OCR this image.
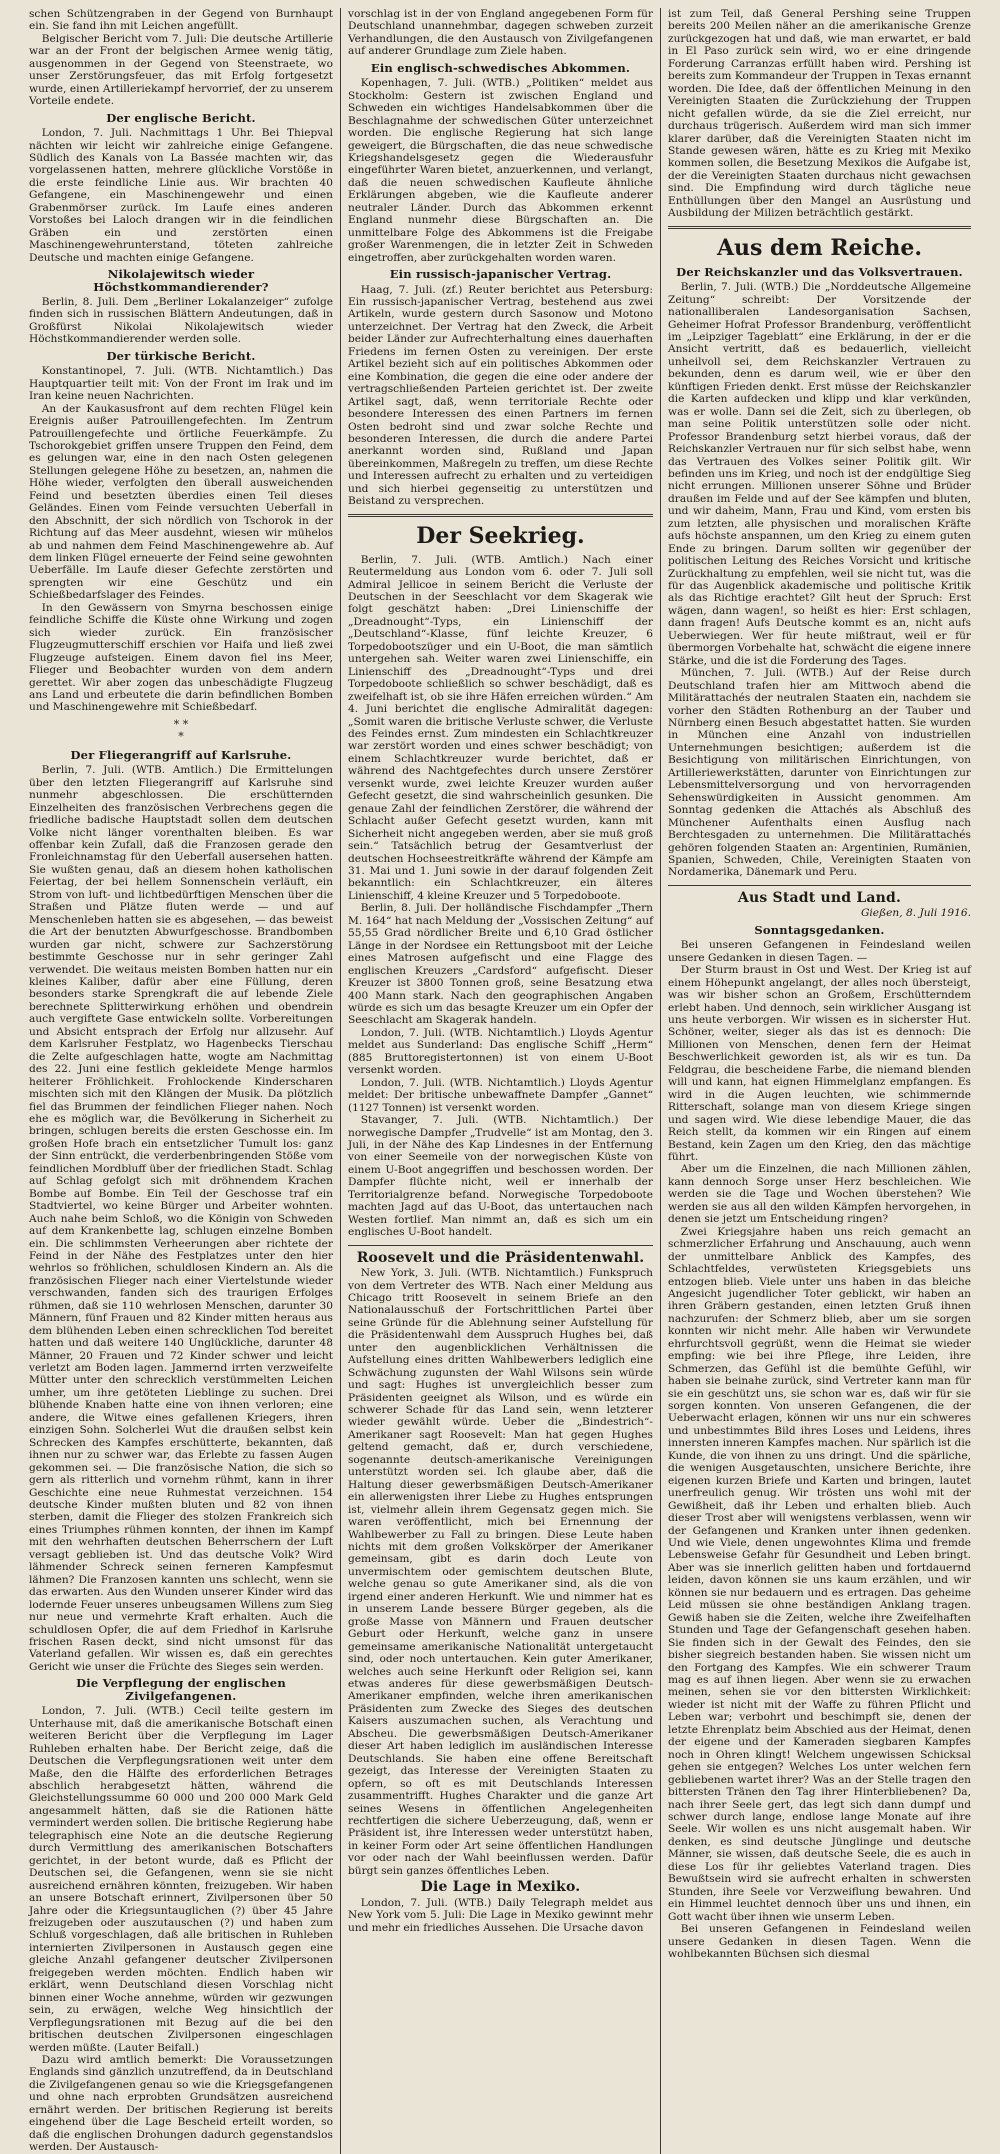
schen Schützengraben in der Gegend von Burnhaupt ein. Sie fand ihn mit Leichen angefüllt.

Belgischer Bericht vom 7. Juli: Die deutsche Artillerie war an der Front der belgischen Armee wenig tätig, ausgenommen in der Gegend von Steenstraete, wo unser Zerstörungsfeuer, das mit Erfolg fortgesetzt wurde, einen Artilleriekampf hervorrief, der zu unserem Vorteile endete.

Der englische Bericht.

London, 7. Juli. Nachmittags 1 Uhr. Bei Thiepval nächten wir leicht wir zahlreiche einige Gefangene. Südlich des Kanals von La Bassée machten wir, das vorgelassenen hatten, mehrere glückliche Vorstöße in die erste feindliche Linie aus. Wir brachten 40 Gefangene, ein Maschinengewehr und einen Grabenmörser zurück. Im Laufe eines anderen Vorstoßes bei Laloch drangen wir in die feindlichen Gräben ein und zerstörten einen Maschinengewehrunterstand, töteten zahlreiche Deutsche und machten einige Gefangene.

Nikolajewitsch wieder Höchstkommandierender?

Berlin, 8. Juli. Dem „Berliner Lokalanzeiger“ zufolge finden sich in russischen Blättern Andeutungen, daß in Großfürst Nikolai Nikolajewitsch wieder Höchstkommandierender werden solle.

Der türkische Bericht.

Konstantinopel, 7. Juli. (WTB. Nichtamtlich.) Das Hauptquartier teilt mit: Von der Front im Irak und im Iran keine neuen Nachrichten.

An der Kaukasusfront auf dem rechten Flügel kein Ereignis außer Patrouillengefechten. Im Zentrum Patrouillengefechte und örtliche Feuerkämpfe. Zu Tschorokgebiet griffen unsere Truppen den Feind, dem es gelungen war, eine in den nach Osten gelegenen Stellungen gelegene Höhe zu besetzen, an, nahmen die Höhe wieder, verfolgten den überall ausweichenden Feind und besetzten überdies einen Teil dieses Geländes. Einen vom Feinde versuchten Ueberfall in den Abschnitt, der sich nördlich von Tschorok in der Richtung auf das Meer ausdehnt, wiesen wir mühelos ab und nahmen dem Feind Maschinengewehre ab. Auf dem linken Flügel erneuerte der Feind seine gewohnten Ueberfälle. Im Laufe dieser Gefechte zerstörten und sprengten wir eine Geschütz und ein Schießbedarfslager des Feindes.

In den Gewässern von Smyrna beschossen einige feindliche Schiffe die Küste ohne Wirkung und zogen sich wieder zurück. Ein französischer Flugzeugmutterschiff erschien vor Haifa und ließ zwei Flugzeuge aufsteigen. Einem davon fiel ins Meer, Flieger und Beobachter wurden von dem andern gerettet. Wir aber zogen das unbeschädigte Flugzeug ans Land und erbeutete die darin befindlichen Bomben und Maschinengewehre mit Schießbedarf.

* *
*
Der Fliegerangriff auf Karlsruhe.

Berlin, 7. Juli. (WTB. Amtlich.) Die Ermittelungen über den letzten Fliegerangriff auf Karlsruhe sind nunmehr abgeschlossen. Die erschütternden Einzelheiten des französischen Verbrechens gegen die friedliche badische Hauptstadt sollen dem deutschen Volke nicht länger vorenthalten bleiben. Es war offenbar kein Zufall, daß die Franzosen gerade den Fronleichnamstag für den Ueberfall ausersehen hatten. Sie wußten genau, daß an diesem hohen katholischen Feiertag, der bei hellem Sonnenschein verläuft, ein Strom von luft- und lichtbedürftigen Menschen über die Straßen und Plätze fluten werde — und auf Menschenleben hatten sie es abgesehen, — das beweist die Art der benutzten Abwurfgeschosse. Brandbomben wurden gar nicht, schwere zur Sachzerstörung bestimmte Geschosse nur in sehr geringer Zahl verwendet. Die weitaus meisten Bomben hatten nur ein kleines Kaliber, dafür aber eine Füllung, deren besonders starke Sprengkraft die auf lebende Ziele berechnete Splitterwirkung erhöhen und obendrein auch vergiftete Gase entwickeln sollte. Vorbereitungen und Absicht entsprach der Erfolg nur allzusehr. Auf dem Karlsruher Festplatz, wo Hagenbecks Tierschau die Zelte aufgeschlagen hatte, wogte am Nachmittag des 22. Juni eine festlich gekleidete Menge harmlos heiterer Fröhlichkeit. Frohlockende Kinderscharen mischten sich mit den Klängen der Musik. Da plötzlich fiel das Brummen der feindlichen Flieger nahen. Noch ehe es möglich war, die Bevölkerung in Sicherheit zu bringen, schlugen bereits die ersten Geschosse ein. Im großen Hofe brach ein entsetzlicher Tumult los: ganz der Sinn entrückt, die verderbenbringenden Stöße vom feindlichen Mordbluff über der friedlichen Stadt. Schlag auf Schlag gefolgt sich mit dröhnendem Krachen Bombe auf Bombe. Ein Teil der Geschosse traf ein Stadtviertel, wo keine Bürger und Arbeiter wohnten. Auch nahe beim Schloß, wo die Königin von Schweden auf dem Krankenbette lag, schlugen einzelne Bomben ein. Die schlimmsten Verheerungen aber richtete der Feind in der Nähe des Festplatzes unter den hier wehrlos so fröhlichen, schuldlosen Kindern an. Als die französischen Flieger nach einer Viertelstunde wieder verschwanden, fanden sich des traurigen Erfolges rühmen, daß sie 110 wehrlosen Menschen, darunter 30 Männern, fünf Frauen und 82 Kinder mitten heraus aus dem blühenden Leben einen schrecklichen Tod bereitet hatten und daß weitere 140 Unglückliche, darunter 48 Männer, 20 Frauen und 72 Kinder schwer und leicht verletzt am Boden lagen. Jammernd irrten verzweifelte Mütter unter den schrecklich verstümmelten Leichen umher, um ihre getöteten Lieblinge zu suchen. Drei blühende Knaben hatte eine von ihnen verloren; eine andere, die Witwe eines gefallenen Kriegers, ihren einzigen Sohn. Solcherlei Wut die draußen selbst kein Schrecken des Kampfes erschütterte, bekannten, daß ihnen nur zu schwer war, das Erlebte zu fassen Augen gekommen sei. — Die französische Nation, die sich so gern als ritterlich und vornehm rühmt, kann in ihrer Geschichte eine neue Ruhmestat verzeichnen. 154 deutsche Kinder mußten bluten und 82 von ihnen sterben, damit die Flieger des stolzen Frankreich sich eines Triumphes rühmen konnten, der ihnen im Kampf mit den wehrhaften deutschen Beherrschern der Luft versagt geblieben ist. Und das deutsche Volk? Wird lähmender Schreck seinen ferneren Kampfesmut lähmen? Die Franzosen kannten uns schlecht, wenn sie das erwarten. Aus den Wunden unserer Kinder wird das lodernde Feuer unseres unbeugsamen Willens zum Sieg nur neue und vermehrte Kraft erhalten. Auch die schuldlosen Opfer, die auf dem Friedhof in Karlsruhe frischen Rasen deckt, sind nicht umsonst für das Vaterland gefallen. Wir wissen es, daß ein gerechtes Gericht wie unser die Früchte des Sieges sein werden.

Die Verpflegung der englischen Zivilgefangenen.

London, 7. Juli. (WTB.) Cecil teilte gestern im Unterhause mit, daß die amerikanische Botschaft einen weiteren Bericht über die Verpflegung im Lager Ruhleben erhalten habe. Der Bericht zeige, daß die Deutschen die Verpflegungsrationen weit unter dem Maße, den die Hälfte des erforderlichen Betrages abschlich herabgesetzt hätten, während die Gleichstellungssumme 60 000 und 200 000 Mark Geld angesammelt hätten, daß sie die Rationen hätte vermindert werden sollen. Die britische Regierung habe telegraphisch eine Note an die deutsche Regierung durch Vermittlung des amerikanischen Botschafters gerichtet, in der betont wurde, daß es Pflicht der Deutschen sei, die Gefangenen, wenn sie sie nicht ausreichend ernähren könnten, freizugeben. Wir haben an unsere Botschaft erinnert, Zivilpersonen über 50 Jahre oder die Kriegsuntauglichen (?) über 45 Jahre freizugeben oder auszutauschen (?) und haben zum Schluß vorgeschlagen, daß alle britischen in Ruhleben internierten Zivilpersonen in Austausch gegen eine gleiche Anzahl gefangener deutscher Zivilpersonen freigegeben werden möchten. Endlich haben wir erklärt, wenn Deutschland diesen Vorschlag nicht binnen einer Woche annehme, würden wir gezwungen sein, zu erwägen, welche Weg hinsichtlich der Verpflegungsrationen mit Bezug auf die bei den britischen deutschen Zivilpersonen eingeschlagen werden müßte. (Lauter Beifall.)

Dazu wird amtlich bemerkt: Die Voraussetzungen Englands sind gänzlich unzutreffend, da in Deutschland die Zivilgefangenen genau so wie die Kriegsgefangenen und ohne nach erprobten Grundsätzen ausreichend ernährt werden. Der britischen Regierung ist bereits eingehend über die Lage Bescheid erteilt worden, so daß die englischen Drohungen dadurch gegenstandslos werden. Der Austausch-

vorschlag ist in der von England angegebenen Form für Deutschland unannehmbar, dagegen schweben zurzeit Verhandlungen, die den Austausch von Zivilgefangenen auf anderer Grundlage zum Ziele haben.

Ein englisch-schwedisches Abkommen.

Kopenhagen, 7. Juli. (WTB.) „Politiken“ meldet aus Stockholm: Gestern ist zwischen England und Schweden ein wichtiges Handelsabkommen über die Beschlagnahme der schwedischen Güter unterzeichnet worden. Die englische Regierung hat sich lange geweigert, die Bürgschaften, die das neue schwedische Kriegshandelsgesetz gegen die Wiederausfuhr eingeführter Waren bietet, anzuerkennen, und verlangt, daß die neuen schwedischen Kaufleute ähnliche Erklärungen abgeben, wie die Kaufleute anderer neutraler Länder. Durch das Abkommen erkennt England nunmehr diese Bürgschaften an. Die unmittelbare Folge des Abkommens ist die Freigabe großer Warenmengen, die in letzter Zeit in Schweden eingetroffen, aber zurückgehalten worden waren.

Ein russisch-japanischer Vertrag.

Haag, 7. Juli. (zf.) Reuter berichtet aus Petersburg: Ein russisch-japanischer Vertrag, bestehend aus zwei Artikeln, wurde gestern durch Sasonow und Motono unterzeichnet. Der Vertrag hat den Zweck, die Arbeit beider Länder zur Aufrechterhaltung eines dauerhaften Friedens im fernen Osten zu vereinigen. Der erste Artikel bezieht sich auf ein politisches Abkommen oder eine Kombination, die gegen die eine oder andere der vertragschließenden Parteien gerichtet ist. Der zweite Artikel sagt, daß, wenn territoriale Rechte oder besondere Interessen des einen Partners im fernen Osten bedroht sind und zwar solche Rechte und besonderen Interessen, die durch die andere Partei anerkannt worden sind, Rußland und Japan übereinkommen, Maßregeln zu treffen, um diese Rechte und Interessen aufrecht zu erhalten und zu verteidigen und sich hierbei gegenseitig zu unterstützen und Beistand zu versprechen.

Der Seekrieg.

Berlin, 7. Juli. (WTB. Amtlich.) Nach einer Reutermeldung aus London vom 6. oder 7. Juli soll Admiral Jellicoe in seinem Bericht die Verluste der Deutschen in der Seeschlacht vor dem Skagerak wie folgt geschätzt haben: „Drei Linienschiffe der „Dreadnought“-Typs, ein Linienschiff der „Deutschland“-Klasse, fünf leichte Kreuzer, 6 Torpedobootszüger und ein U-Boot, die man sämtlich untergehen sah. Weiter waren zwei Linienschiffe, ein Linienschiff des „Dreadnought“-Typs und drei Torpedoboote schließlich so schwer beschädigt, daß es zweifelhaft ist, ob sie ihre Häfen erreichen würden.“ Am 4. Juni berichtet die englische Admiralität dagegen: „Somit waren die britische Verluste schwer, die Verluste des Feindes ernst. Zum mindesten ein Schlachtkreuzer war zerstört worden und eines schwer beschädigt; von einem Schlachtkreuzer wurde berichtet, daß er während des Nachtgefechtes durch unsere Zerstörer versenkt wurde, zwei leichte Kreuzer wurden außer Gefecht gesetzt, die sind wahrscheinlich gesunken. Die genaue Zahl der feindlichen Zerstörer, die während der Schlacht außer Gefecht gesetzt wurden, kann mit Sicherheit nicht angegeben werden, aber sie muß groß sein.“ Tatsächlich betrug der Gesamtverlust der deutschen Hochseestreitkräfte während der Kämpfe am 31. Mai und 1. Juni sowie in der darauf folgenden Zeit bekanntlich: ein Schlachtkreuzer, ein älteres Linienschiff, 4 kleine Kreuzer und 5 Torpedoboote.

Berlin, 8. Juli. Der holländische Fischdampfer „Thern M. 164“ hat nach Meldung der „Vossischen Zeitung“ auf 55,55 Grad nördlicher Breite und 6,10 Grad östlicher Länge in der Nordsee ein Rettungsboot mit der Leiche eines Matrosen aufgefischt und eine Flagge des englischen Kreuzers „Cardsford“ aufgefischt. Dieser Kreuzer ist 3800 Tonnen groß, seine Besatzung etwa 400 Mann stark. Nach den geographischen Angaben würde es sich um das besagte Kreuzer um ein Opfer der Seeschlacht am Skagerak handeln.

London, 7. Juli. (WTB. Nichtamtlich.) Lloyds Agentur meldet aus Sunderland: Das englische Schiff „Herm“ (885 Bruttoregistertonnen) ist von einem U-Boot versenkt worden.

London, 7. Juli. (WTB. Nichtamtlich.) Lloyds Agentur meldet: Der britische unbewaffnete Dampfer „Gannet“ (1127 Tonnen) ist versenkt worden.

Stavanger, 7. Juli. (WTB. Nichtamtlich.) Der norwegische Dampfer „Trudvelle“ ist am Montag, den 3. Juli, in der Nähe des Kap Lindesnes in der Entfernung von einer Seemeile von der norwegischen Küste von einem U-Boot angegriffen und beschossen worden. Der Dampfer flüchte nicht, weil er innerhalb der Territorialgrenze befand. Norwegische Torpedoboote machten Jagd auf das U-Boot, das untertauchen nach Westen fortlief. Man nimmt an, daß es sich um ein englisches U-Boot handelt.

Roosevelt und die Präsidentenwahl.

New York, 3. Juli. (WTB. Nichtamtlich.) Funkspruch von dem Vertreter des WTB. Nach einer Meldung aus Chicago tritt Roosevelt in seinem Briefe an den Nationalausschuß der Fortschrittlichen Partei über seine Gründe für die Ablehnung seiner Aufstellung für die Präsidentenwahl dem Ausspruch Hughes bei, daß unter den augenblicklichen Verhältnissen die Aufstellung eines dritten Wahlbewerbers lediglich eine Schwächung zugunsten der Wahl Wilsons sein würde und sagt: Hughes ist unvergleichlich besser zum Präsidenten geeignet als Wilson, und es würde ein schwerer Schade für das Land sein, wenn letzterer wieder gewählt würde. Ueber die „Bindestrich“-Amerikaner sagt Roosevelt: Man hat gegen Hughes geltend gemacht, daß er, durch verschiedene, sogenannte deutsch-amerikanische Vereinigungen unterstützt worden sei. Ich glaube aber, daß die Haltung dieser gewerbsmäßigen Deutsch-Amerikaner ein allerwenigsten ihrer Liebe zu Hughes entsprungen ist, vielmehr allein ihrem Gegensatz gegen mich. Sie waren veröffentlicht, mich bei Ernennung der Wahlbewerber zu Fall zu bringen. Diese Leute haben nichts mit dem großen Volkskörper der Amerikaner gemeinsam, gibt es darin doch Leute von unvermischtem oder gemischtem deutschen Blute, welche genau so gute Amerikaner sind, als die von irgend einer anderen Herkunft. Wie und nimmer hat es in unserem Lande bessere Bürger gegeben, als die große Masse von Männern und Frauen deutscher Geburt oder Herkunft, welche ganz in unsere gemeinsame amerikanische Nationalität untergetaucht sind, oder noch untertauchen. Kein guter Amerikaner, welches auch seine Herkunft oder Religion sei, kann etwas anderes für diese gewerbsmäßigen Deutsch-Amerikaner empfinden, welche ihren amerikanischen Präsidenten zum Zwecke des Sieges des deutschen Kaisers auszumachen suchen, als Verachtung und Abscheu. Die gewerbsmäßigen Deutsch-Amerikaner dieser Art haben lediglich im ausländischen Interesse Deutschlands. Sie haben eine offene Bereitschaft gezeigt, das Interesse der Vereinigten Staaten zu opfern, so oft es mit Deutschlands Interessen zusammentrifft. Hughes Charakter und die ganze Art seines Wesens in öffentlichen Angelegenheiten rechtfertigen die sichere Ueberzeugung, daß, wenn er Präsident ist, ihre Interessen weder unterstützt haben, in keiner Form oder Art seine öffentlichen Handlungen vor oder nach der Wahl beeinflussen werden. Dafür bürgt sein ganzes öffentliches Leben.

Die Lage in Mexiko.

London, 7. Juli. (WTB.) Daily Telegraph meldet aus New York vom 5. Juli: Die Lage in Mexiko gewinnt mehr und mehr ein friedliches Aussehen. Die Ursache davon

ist zum Teil, daß General Pershing seine Truppen bereits 200 Meilen näher an die amerikanische Grenze zurückgezogen hat und daß, wie man erwartet, er bald in El Paso zurück sein wird, wo er eine dringende Forderung Carranzas erfüllt haben wird. Pershing ist bereits zum Kommandeur der Truppen in Texas ernannt worden. Die Idee, daß der öffentlichen Meinung in den Vereinigten Staaten die Zurückziehung der Truppen nicht gefallen würde, da sie die Ziel erreicht, nur durchaus trügerisch. Außerdem wird man sich immer klarer darüber, daß die Vereinigten Staaten nicht im Stande gewesen wären, hätte es zu Krieg mit Mexiko kommen sollen, die Besetzung Mexikos die Aufgabe ist, der die Vereinigten Staaten durchaus nicht gewachsen sind. Die Empfindung wird durch tägliche neue Enthüllungen über den Mangel an Ausrüstung und Ausbildung der Milizen beträchtlich gestärkt.

Aus dem Reiche.
Der Reichskanzler und das Volksvertrauen.

Berlin, 7. Juli. (WTB.) Die „Norddeutsche Allgemeine Zeitung“ schreibt: Der Vorsitzende der nationalliberalen Landesorganisation Sachsen, Geheimer Hofrat Professor Brandenburg, veröffentlicht im „Leipziger Tageblatt“ eine Erklärung, in der er die Ansicht vertritt, daß es bedauerlich, vielleicht unheilvoll sei, dem Reichskanzler Vertrauen zu bekunden, denn es darum weil, wie er über den künftigen Frieden denkt. Erst müsse der Reichskanzler die Karten aufdecken und klipp und klar verkünden, was er wolle. Dann sei die Zeit, sich zu überlegen, ob man seine Politik unterstützen solle oder nicht. Professor Brandenburg setzt hierbei voraus, daß der Reichskanzler Vertrauen nur für sich selbst habe, wenn das Vertrauen des Volkes seiner Politik gilt. Wir befinden uns im Krieg, und noch ist der endgültige Sieg nicht errungen. Millionen unserer Söhne und Brüder draußen im Felde und auf der See kämpfen und bluten, und wir daheim, Mann, Frau und Kind, vom ersten bis zum letzten, alle physischen und moralischen Kräfte aufs höchste anspannen, um den Krieg zu einem guten Ende zu bringen. Darum sollten wir gegenüber der politischen Leitung des Reiches Vorsicht und kritische Zurückhaltung zu empfehlen, weil sie nicht tut, was die für das Augenblick akademische und politische Kritik als das Richtige erachtet? Gilt heut der Spruch: Erst wägen, dann wagen!, so heißt es hier: Erst schlagen, dann fragen! Aufs Deutsche kommt es an, nicht aufs Ueberwiegen. Wer für heute mißtraut, weil er für übermorgen Vorbehalte hat, schwächt die eigene innere Stärke, und die ist die Forderung des Tages.

München, 7. Juli. (WTB.) Auf der Reise durch Deutschland trafen hier am Mittwoch abend die Militärattachés der neutralen Staaten ein, nachdem sie vorher den Städten Rothenburg an der Tauber und Nürnberg einen Besuch abgestattet hatten. Sie wurden in München eine Anzahl von industriellen Unternehmungen besichtigen; außerdem ist die Besichtigung von militärischen Einrichtungen, von Artilleriewerkstätten, darunter von Einrichtungen zur Lebensmittelversorgung und von hervorragenden Sehenswürdigkeiten in Aussicht genommen. Am Sonntag gedenken die Attachés als Abschluß des Münchener Aufenthalts einen Ausflug nach Berchtesgaden zu unternehmen. Die Militärattachés gehören folgenden Staaten an: Argentinien, Rumänien, Spanien, Schweden, Chile, Vereinigten Staaten von Nordamerika, Dänemark und Peru.

Aus Stadt und Land.
Gießen, 8. Juli 1916.
Sonntagsgedanken.

Bei unseren Gefangenen in Feindesland weilen unsere Gedanken in diesen Tagen. —

Der Sturm braust in Ost und West. Der Krieg ist auf einem Höhepunkt angelangt, der alles noch übersteigt, was wir bisher schon an Großem, Erschütterndem erlebt haben. Und dennoch, sein wirklicher Ausgang ist uns heute verborgen. Wir wissen es in sicherster Hut. Schöner, weiter, sieger als das ist es dennoch: Die Millionen von Menschen, denen fern der Heimat Beschwerlichkeit geworden ist, als wir es tun. Da Feldgrau, die bescheidene Farbe, die niemand blenden will und kann, hat eignen Himmelglanz empfangen. Es wird in die Augen leuchten, wie schimmernde Ritterschaft, solange man von diesem Kriege singen und sagen wird. Wie diese lebendige Mauer, die das Reich stellt, da kommen wir ein Ringen auf einem Bestand, kein Zagen um den Krieg, den das mächtige führt.

Aber um die Einzelnen, die nach Millionen zählen, kann dennoch Sorge unser Herz beschleichen. Wie werden sie die Tage und Wochen überstehen? Wie werden sie aus all den wilden Kämpfen hervorgehen, in denen sie jetzt um Entscheidung ringen?

Zwei Kriegsjahre haben uns reich gemacht an schmerzlicher Erfahrung und Anschauung, auch wenn der unmittelbare Anblick des Kampfes, des Schlachtfeldes, verwüsteten Kriegsgebiets uns entzogen blieb. Viele unter uns haben in das bleiche Angesicht jugendlicher Toter geblickt, wir haben an ihren Gräbern gestanden, einen letzten Gruß ihnen nachzurufen: der Schmerz blieb, aber um sie sorgen konnten wir nicht mehr. Alle haben wir Verwundete ehrfurchtsvoll gegrüßt, wenn die Heimat sie wieder empfing: wie bei ihre Pflege, ihre Leiden, ihre Schmerzen, das Gefühl ist die bemühte Gefühl, wir haben sie beinahe zurück, sind Vertreter kann man für sie ein geschützt uns, sie schon war es, daß wir für sie sorgen konnten. Von unseren Gefangenen, die der Ueberwacht erlagen, können wir uns nur ein schweres und unbestimmtes Bild ihres Loses und Leidens, ihres innersten inneren Kampfes machen. Nur spärlich ist die Kunde, die von ihnen zu uns dringt. Und die spärliche, die wenigen Ausgetauschten, unsichere Berichte, ihre eigenen kurzen Briefe und Karten und bringen, lautet unerfreulich genug. Wir trösten uns wohl mit der Gewißheit, daß ihr Leben und erhalten blieb. Auch dieser Trost aber will wenigstens verblassen, wenn wir der Gefangenen und Kranken unter ihnen gedenken. Und wie Viele, denen ungewohntes Klima und fremde Lebensweise Gefahr für Gesundheit und Leben bringt. Aber was sie innerlich gelitten haben und fortdauernd leiden, davon können sie uns kaum erzählen, und wir können sie nur bedauern und es ertragen. Das geheime Leid müssen sie ohne beständigen Anklang tragen. Gewiß haben sie die Zeiten, welche ihre Zweifelhaften Stunden und Tage der Gefangenschaft gesehen haben. Sie finden sich in der Gewalt des Feindes, den sie bisher siegreich bestanden haben. Sie wissen nicht um den Fortgang des Kampfes. Wie ein schwerer Traum mag es auf ihnen liegen. Aber wenn sie zu erwachen meinen, sehen sie vor den bittersten Wirklichkeit: wieder ist nicht mit der Waffe zu führen Pflicht und Leben war; verbohrt und beschimpft sie, denen der letzte Ehrenplatz beim Abschied aus der Heimat, denen der eigene und der Kameraden siegbaren Kampfes noch in Ohren klingt! Welchem ungewissen Schicksal gehen sie entgegen? Welches Los unter welchen fern gebliebenen wartet ihrer? Was an der Stelle tragen den bittersten Tränen den Tag ihrer Hinterbliebenen? Da, nach ihrer Seele gert, das legt sich dann dumpf und schwer durch lange, endlose lange Monate auf ihre Seele. Wir wollen es uns nicht ausgemalt haben. Wir denken, es sind deutsche Jünglinge und deutsche Männer, sie wissen, daß deutsche Seele, die es auch in diese Los für ihr geliebtes Vaterland tragen. Dies Bewußtsein wird sie aufrecht erhalten in schwersten Stunden, ihre Seele vor Verzweiflung bewahren. Und ein Himmel leuchtet dennoch über uns und ihnen, ein Gott wacht über ihnen wie unserm Leben.

Bei unseren Gefangenen in Feindesland weilen unsere Gedanken in diesen Tagen. Wenn die wohlbekannten Büchsen sich diesmal
